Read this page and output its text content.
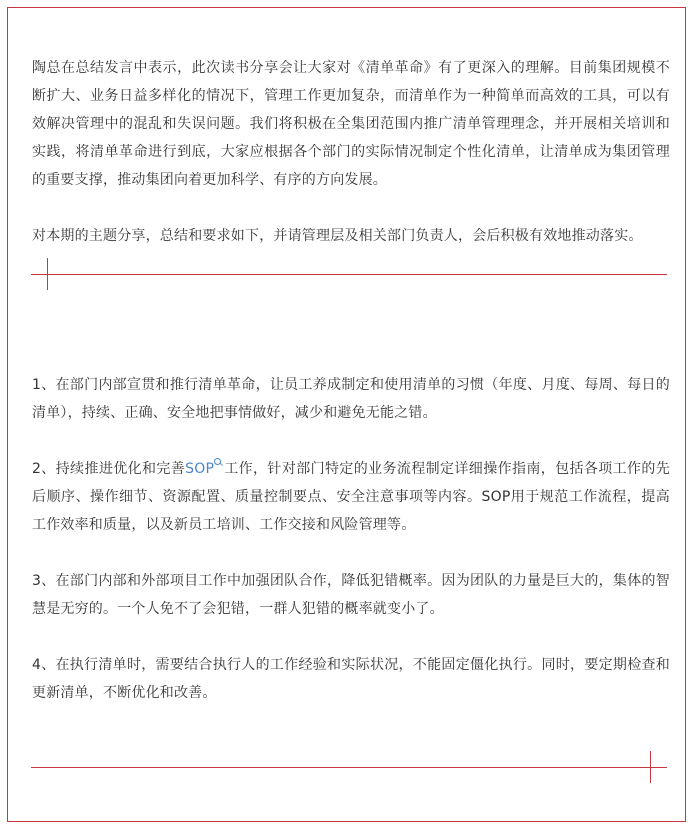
陶总在总结发言中表示，此次读书分享会让大家对《清单革命》有了更深入的理解。目前集团规模不断扩大、业务日益多样化的情况下，管理工作更加复杂，而清单作为一种简单而高效的工具，可以有效解决管理中的混乱和失误问题。我们将积极在全集团范围内推广清单管理理念，并开展相关培训和实践，将清单革命进行到底，大家应根据各个部门的实际情况制定个性化清单，让清单成为集团管理的重要支撑，推动集团向着更加科学、有序的方向发展。

对本期的主题分享，总结和要求如下，并请管理层及相关部门负责人，会后积极有效地推动落实。

1、在部门内部宣贯和推行清单革命，让员工养成制定和使用清单的习惯（年度、月度、每周、每日的清单），持续、正确、安全地把事情做好，减少和避免无能之错。

2、持续推进优化和完善SOP 工作，针对部门特定的业务流程制定详细操作指南，包括各项工作的先后顺序、操作细节、资源配置、质量控制要点、安全注意事项等内容。SOP用于规范工作流程，提高工作效率和质量，以及新员工培训、工作交接和风险管理等。

3、在部门内部和外部项目工作中加强团队合作，降低犯错概率。因为团队的力量是巨大的，集体的智慧是无穷的。一个人免不了会犯错，一群人犯错的概率就变小了。

4、在执行清单时，需要结合执行人的工作经验和实际状况，不能固定僵化执行。同时，要定期检查和更新清单，不断优化和改善。
